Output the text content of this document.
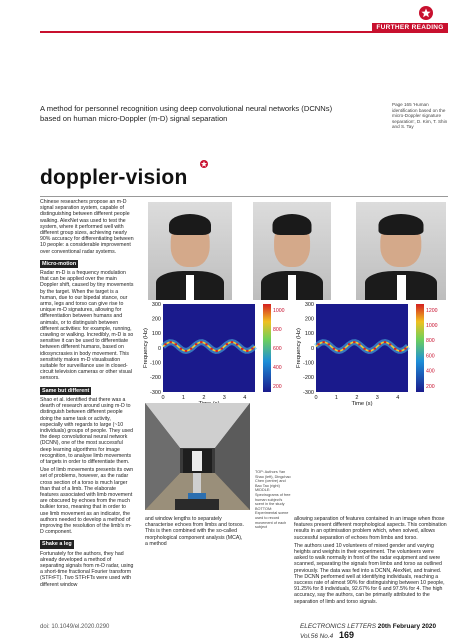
FURTHER READING
A method for personnel recognition using deep convolutional neural networks (DCNNs) based on human micro-Doppler (m-D) signal separation
Page 165 'Human identification based on the micro-Doppler signature separation', D. Kim, T. Shin and S. Tay
doppler-vision

Chinese researchers propose an m-D signal separation system, capable of distinguishing between different people walking. AlexNet was used to test the system, where it performed well with different group sizes, achieving nearly 90% accuracy for differentiating between 10 people: a considerable improvement over conventional radar systems.

Micro-motion

Radar m-D is a frequency modulation that can be applied over the main Doppler shift, caused by tiny movements by the target. When the target is a human, due to our bipedal stance, our arms, legs and torso can give rise to unique m-D signatures, allowing for differentiation between humans and animals, or to distinguish between different activities: for example, running, crawling or walking. Incredibly, m-D is so sensitive it can be used to differentiate between different humans, based on idiosyncrasies in body movement. This sensitivity makes m-D visualisation suitable for surveillance use in closed-circuit television cameras or other visual sensors.

Same but different

Shao et al. identified that there was a dearth of research around using m-D to distinguish between different people doing the same task or activity, especially with regards to large (~10 individuals) groups of people. They used the deep convolutional neural network (DCNN), one of the most successful deep learning algorithms for image recognition, to analyse limb movements of targets in order to differentiate them.

Use of limb movements presents its own set of problems, however, as the radar cross section of a torso is much larger than that of a limb. The elaborate features associated with limb movement are obscured by echoes from the much bulkier torso, meaning that in order to use limb movement as an indicator, the authors needed to develop a method of improving the resolution of the limb's m-D component.

Shake a leg

Fortunately for the authors, they had already developed a method of separating signals from m-D radar, using a short-time fractional Fourier transform (STFrFT). Two STFrFTs were used with different window

300
200
100
0
-100
-200
-300
0	1	2	3	4
Frequency (Hz)
1000
800
600
400
200
300
200
100
0
-100
-200
-300
0	1	2	3	4
Time (s)
Frequency (Hz)
1200
1000
800
600
400
200
TOP: Authors Yan Shao (left), Dingchao Chen (centre) and Bao Tao (right) MIDDLE: Spectrograms of free human subject's scent in the study BOTTOM: Experimental scene used to record movement of each subject
and window lengths to separately characterise echoes from limbs and torsos. This is then combined with the so-called morphological component analysis (MCA), a method
allowing separation of features contained in an image when those features present different morphological aspects. This combination results in an optimisation problem which, when solved, allows successful separation of echoes from limbs and torso.
The authors used 10 volunteers of mixed gender and varying heights and weights in their experiment. The volunteers were asked to walk normally in front of the radar equipment and were scanned, separating the signals from limbs and torso as outlined previously. The data was fed into a DCNN, AlexNet, and trained. The DCNN performed well at identifying individuals, reaching a success rate of almost 90% for distinguishing between 10 people, 91.25% for 8 individuals, 92.67% for 6 and 97.5% for 4. The high accuracy, say the authors, can be primarily attributed to the separation of limb and torso signals.
doi: 10.1049/el.2020.0290	ELECTRONICS LETTERS 20th February 2020 Vol.56 No.4 169
